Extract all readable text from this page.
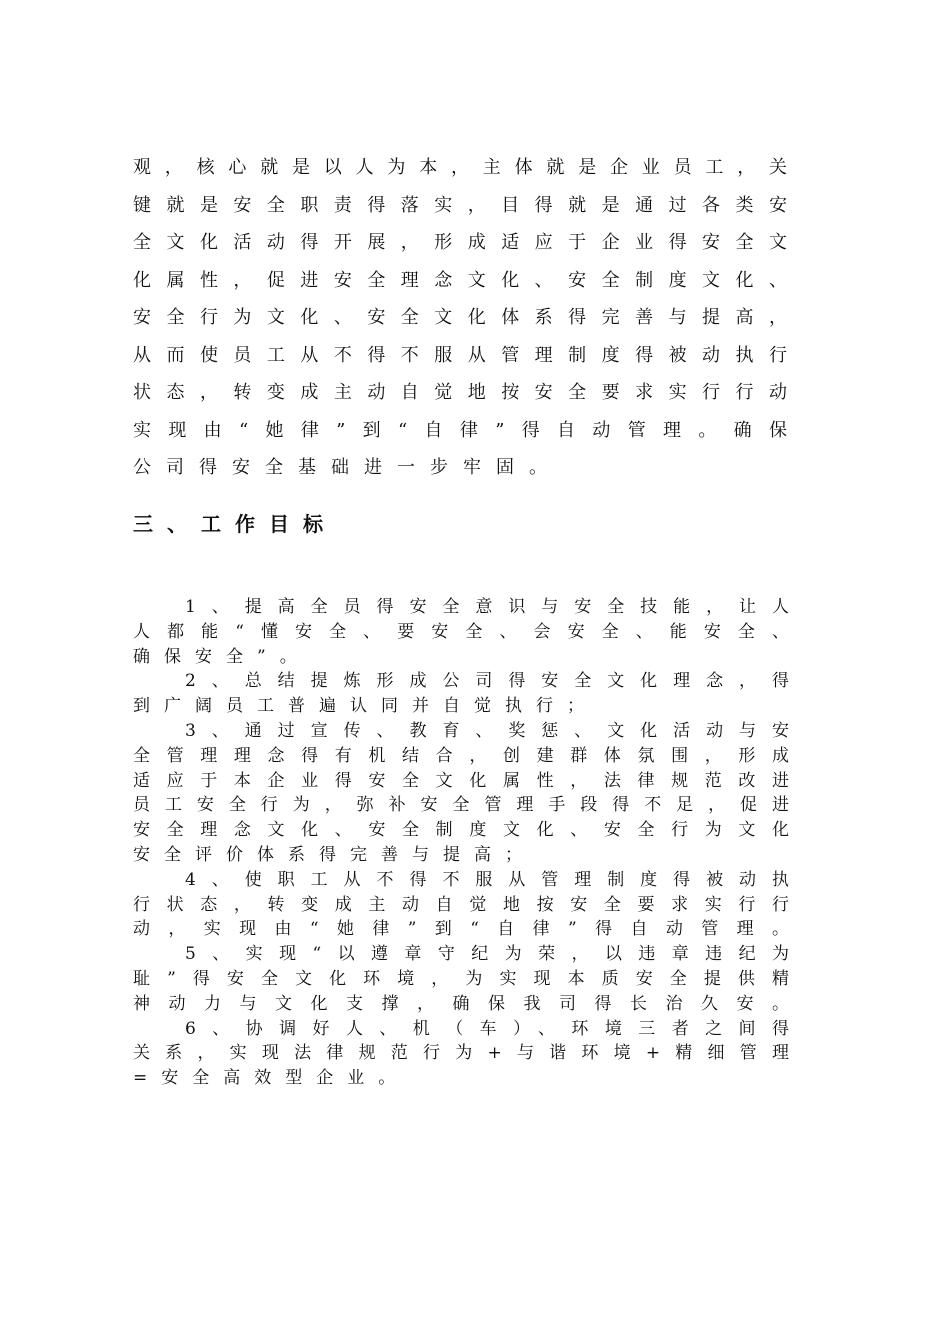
观，核心就是以人为本，主体就是企业员工，关
键就是安全职责得落实，目得就是通过各类安
全文化活动得开展，形成适应于企业得安全文
化属性，促进安全理念文化、安全制度文化、
安全行为文化、安全文化体系得完善与提高，
从而使员工从不得不服从管理制度得被动执行
状态，转变成主动自觉地按安全要求实行行动
实现由“她律”到“自律”得自动管理。确保
公司得安全基础进一步牢固。
三、工作目标
1、提高全员得安全意识与安全技能，让人
人都能“懂安全、要安全、会安全、能安全、
确保安全”。
2、总结提炼形成公司得安全文化理念，得
到广阔员工普遍认同并自觉执行；
3、通过宣传、教育、奖惩、文化活动与安
全管理理念得有机结合，创建群体氛围，形成
适应于本企业得安全文化属性，法律规范改进
员工安全行为，弥补安全管理手段得不足，促进
安全理念文化、安全制度文化、安全行为文化
安全评价体系得完善与提高；
4、使职工从不得不服从管理制度得被动执
行状态，转变成主动自觉地按安全要求实行行
动，实现由“她律”到“自律”得自动管理。
5、实现“以遵章守纪为荣，以违章违纪为
耻”得安全文化环境，为实现本质安全提供精
神动力与文化支撑，确保我司得长治久安。
6、协调好人、机（车）、环境三者之间得
关系，实现法律规范行为+与谐环境+精细管理
=安全高效型企业。
